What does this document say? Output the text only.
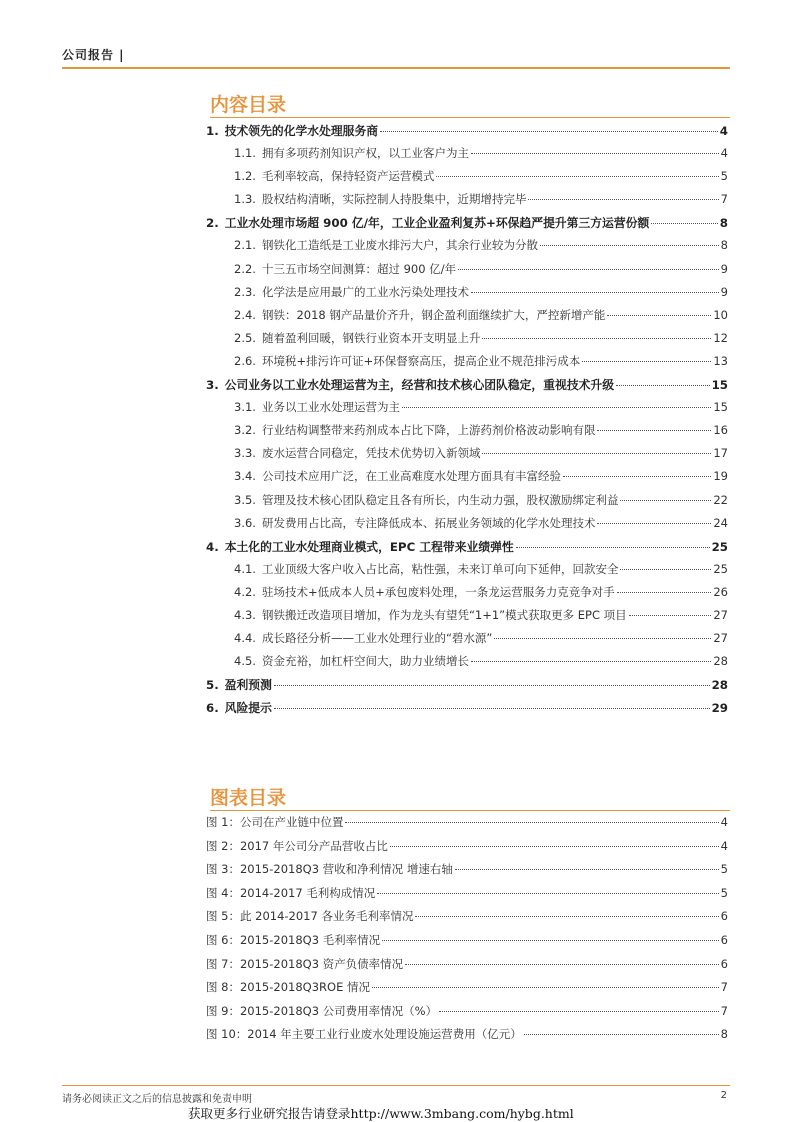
公司报告 |
内容目录
1. 技术领先的化学水处理服务商	4
1.1. 拥有多项药剂知识产权，以工业客户为主	4
1.2. 毛利率较高，保持轻资产运营模式	5
1.3. 股权结构清晰，实际控制人持股集中，近期增持完毕	7
2. 工业水处理市场超 900 亿/年，工业企业盈利复苏+环保趋严提升第三方运营份额	8
2.1. 钢铁化工造纸是工业废水排污大户，其余行业较为分散	8
2.2. 十三五市场空间测算：超过 900 亿/年	9
2.3. 化学法是应用最广的工业水污染处理技术	9
2.4. 钢铁：2018 钢产品量价齐升，钢企盈利面继续扩大，严控新增产能	10
2.5. 随着盈利回暖，钢铁行业资本开支明显上升	12
2.6. 环境税+排污许可证+环保督察高压，提高企业不规范排污成本	13
3. 公司业务以工业水处理运营为主，经营和技术核心团队稳定，重视技术升级	15
3.1. 业务以工业水处理运营为主	15
3.2. 行业结构调整带来药剂成本占比下降，上游药剂价格波动影响有限	16
3.3. 废水运营合同稳定，凭技术优势切入新领域	17
3.4. 公司技术应用广泛，在工业高难度水处理方面具有丰富经验	19
3.5. 管理及技术核心团队稳定且各有所长，内生动力强，股权激励绑定利益	22
3.6. 研发费用占比高，专注降低成本、拓展业务领域的化学水处理技术	24
4. 本土化的工业水处理商业模式，EPC 工程带来业绩弹性	25
4.1. 工业顶级大客户收入占比高，粘性强，未来订单可向下延伸，回款安全	25
4.2. 驻场技术+低成本人员+承包废料处理，一条龙运营服务力克竞争对手	26
4.3. 钢铁搬迁改造项目增加，作为龙头有望凭“1+1”模式获取更多 EPC 项目	27
4.4. 成长路径分析——工业水处理行业的“碧水源”	27
4.5. 资金充裕，加杠杆空间大，助力业绩增长	28
5. 盈利预测	28
6. 风险提示	29
图表目录
图 1：公司在产业链中位置	4
图 2：2017 年公司分产品营收占比	4
图 3：2015-2018Q3 营收和净利情况 增速右轴	5
图 4：2014-2017 毛利构成情况	5
图 5：此 2014-2017 各业务毛利率情况	6
图 6：2015-2018Q3 毛利率情况	6
图 7：2015-2018Q3 资产负债率情况	6
图 8：2015-2018Q3ROE 情况	7
图 9：2015-2018Q3 公司费用率情况（%）	7
图 10：2014 年主要工业行业废水处理设施运营费用（亿元）	8
请务必阅读正文之后的信息披露和免责申明	2
获取更多行业研究报告请登录http://www.3mbang.com/hybg.html
